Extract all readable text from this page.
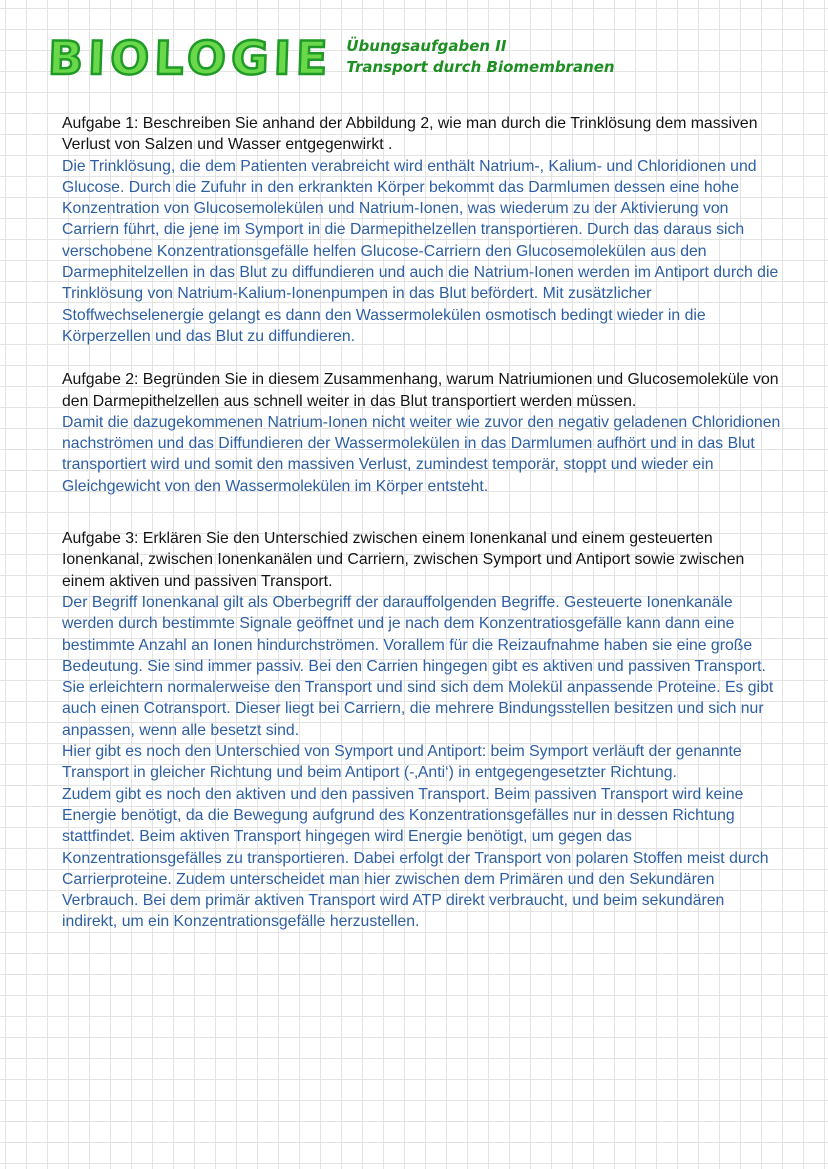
BIOLOGIE Übungsaufgaben II
Transport durch Biomembranen

Aufgabe 1: Beschreiben Sie anhand der Abbildung 2, wie man durch die Trinklösung dem massiven Verlust von Salzen und Wasser entgegenwirkt .

Die Trinklösung, die dem Patienten verabreicht wird enthält Natrium-, Kalium- und Chloridionen und Glucose. Durch die Zufuhr in den erkrankten Körper bekommt das Darmlumen dessen eine hohe Konzentration von Glucosemolekülen und Natrium-Ionen, was wiederum zu der Aktivierung von Carriern führt, die jene im Symport in die Darmepithelzellen transportieren. Durch das daraus sich verschobene Konzentrationsgefälle helfen Glucose-Carriern den Glucosemolekülen aus den Darmephitelzellen in das Blut zu diffundieren und auch die Natrium-Ionen werden im Antiport durch die Trinklösung von Natrium-Kalium-Ionenpumpen in das Blut befördert. Mit zusätzlicher Stoffwechselenergie gelangt es dann den Wassermolekülen osmotisch bedingt wieder in die Körperzellen und das Blut zu diffundieren.

Aufgabe 2: Begründen Sie in diesem Zusammenhang, warum Natriumionen und Glucosemoleküle von den Darmepithelzellen aus schnell weiter in das Blut transportiert werden müssen.

Damit die dazugekommenen Natrium-Ionen nicht weiter wie zuvor den negativ geladenen Chloridionen nachströmen und das Diffundieren der Wassermolekülen in das Darmlumen aufhört und in das Blut transportiert wird und somit den massiven Verlust, zumindest temporär, stoppt und wieder ein Gleichgewicht von den Wassermolekülen im Körper entsteht.

Aufgabe 3: Erklären Sie den Unterschied zwischen einem Ionenkanal und einem gesteuerten Ionenkanal, zwischen Ionenkanälen und Carriern, zwischen Symport und Antiport sowie zwischen einem aktiven und passiven Transport.

Der Begriff Ionenkanal gilt als Oberbegriff der darauffolgenden Begriffe. Gesteuerte Ionenkanäle werden durch bestimmte Signale geöffnet und je nach dem Konzentratiosgefälle kann dann eine bestimmte Anzahl an Ionen hindurchströmen. Vorallem für die Reizaufnahme haben sie eine große Bedeutung. Sie sind immer passiv. Bei den Carrien hingegen gibt es aktiven und passiven Transport. Sie erleichtern normalerweise den Transport und sind sich dem Molekül anpassende Proteine. Es gibt auch einen Cotransport. Dieser liegt bei Carriern, die mehrere Bindungsstellen besitzen und sich nur anpassen, wenn alle besetzt sind.

Hier gibt es noch den Unterschied von Symport und Antiport: beim Symport verläuft der genannte Transport in gleicher Richtung und beim Antiport (-‚Anti‘) in entgegengesetzter Richtung.

Zudem gibt es noch den aktiven und den passiven Transport. Beim passiven Transport wird keine Energie benötigt, da die Bewegung aufgrund des Konzentrationsgefälles nur in dessen Richtung stattfindet. Beim aktiven Transport hingegen wird Energie benötigt, um gegen das Konzentrationsgefälles zu transportieren. Dabei erfolgt der Transport von polaren Stoffen meist durch Carrierproteine. Zudem unterscheidet man hier zwischen dem Primären und den Sekundären Verbrauch. Bei dem primär aktiven Transport wird ATP direkt verbraucht, und beim sekundären indirekt, um ein Konzentrationsgefälle herzustellen.
